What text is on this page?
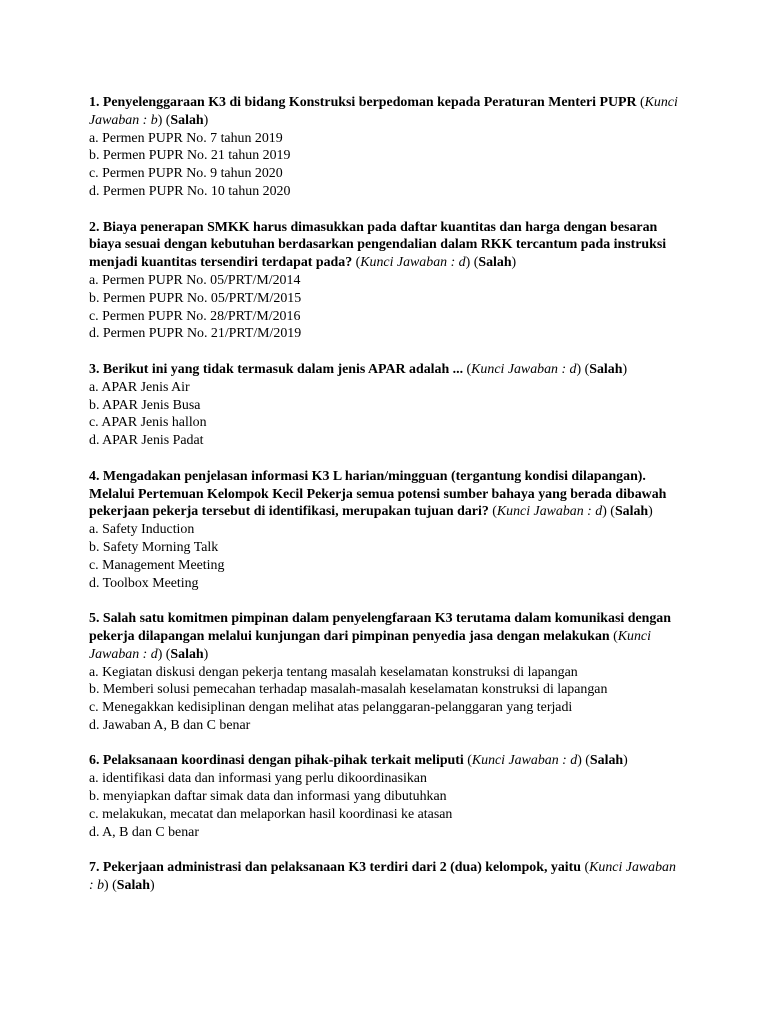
1. Penyelenggaraan K3 di bidang Konstruksi berpedoman kepada Peraturan Menteri PUPR (Kunci Jawaban : b) (Salah)
a. Permen PUPR No. 7 tahun 2019
b. Permen PUPR No. 21 tahun 2019
c. Permen PUPR No. 9 tahun 2020
d. Permen PUPR No. 10 tahun 2020
2. Biaya penerapan SMKK harus dimasukkan pada daftar kuantitas dan harga dengan besaran biaya sesuai dengan kebutuhan berdasarkan pengendalian dalam RKK tercantum pada instruksi menjadi kuantitas tersendiri terdapat pada? (Kunci Jawaban : d) (Salah)
a. Permen PUPR No. 05/PRT/M/2014
b. Permen PUPR No. 05/PRT/M/2015
c. Permen PUPR No. 28/PRT/M/2016
d. Permen PUPR No. 21/PRT/M/2019
3. Berikut ini yang tidak termasuk dalam jenis APAR adalah ... (Kunci Jawaban : d) (Salah)
a. APAR Jenis Air
b. APAR Jenis Busa
c. APAR Jenis hallon
d. APAR Jenis Padat
4. Mengadakan penjelasan informasi K3 L harian/mingguan (tergantung kondisi dilapangan). Melalui Pertemuan Kelompok Kecil Pekerja semua potensi sumber bahaya yang berada dibawah pekerjaan pekerja tersebut di identifikasi, merupakan tujuan dari? (Kunci Jawaban : d) (Salah)
a. Safety Induction
b. Safety Morning Talk
c. Management Meeting
d. Toolbox Meeting
5. Salah satu komitmen pimpinan dalam penyelengfaraan K3 terutama dalam komunikasi dengan pekerja dilapangan melalui kunjungan dari pimpinan penyedia jasa dengan melakukan (Kunci Jawaban : d) (Salah)
a. Kegiatan diskusi dengan pekerja tentang masalah keselamatan konstruksi di lapangan
b. Memberi solusi pemecahan terhadap masalah-masalah keselamatan konstruksi di lapangan
c. Menegakkan kedisiplinan dengan melihat atas pelanggaran-pelanggaran yang terjadi
d. Jawaban A, B dan C benar
6. Pelaksanaan koordinasi dengan pihak-pihak terkait meliputi (Kunci Jawaban : d) (Salah)
a. identifikasi data dan informasi yang perlu dikoordinasikan
b. menyiapkan daftar simak data dan informasi yang dibutuhkan
c. melakukan, mecatat dan melaporkan hasil koordinasi ke atasan
d. A, B dan C benar
7. Pekerjaan administrasi dan pelaksanaan K3 terdiri dari 2 (dua) kelompok, yaitu (Kunci Jawaban : b) (Salah)
